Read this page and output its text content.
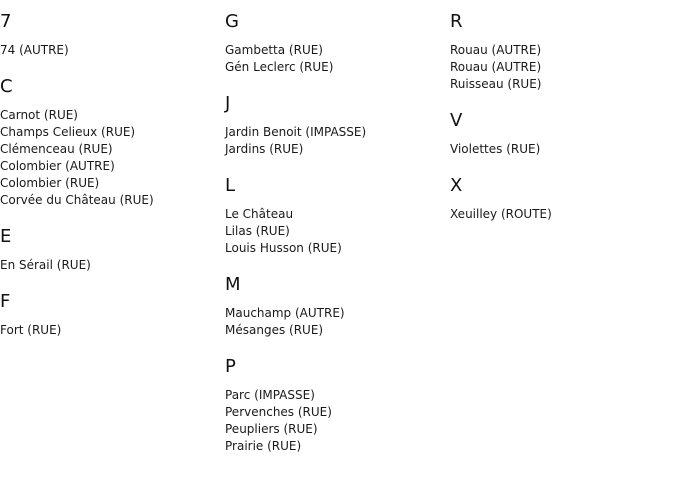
7
74 (AUTRE)
C
Carnot (RUE)
Champs Celieux (RUE)
Clémenceau (RUE)
Colombier (AUTRE)
Colombier (RUE)
Corvée du Château (RUE)
E
En Sérail (RUE)
F
Fort (RUE)
G
Gambetta (RUE)
Gén Leclerc (RUE)
J
Jardin Benoit (IMPASSE)
Jardins (RUE)
L
Le Château
Lilas (RUE)
Louis Husson (RUE)
M
Mauchamp (AUTRE)
Mésanges (RUE)
P
Parc (IMPASSE)
Pervenches (RUE)
Peupliers (RUE)
Prairie (RUE)
R
Rouau (AUTRE)
Rouau (AUTRE)
Ruisseau (RUE)
V
Violettes (RUE)
X
Xeuilley (ROUTE)
